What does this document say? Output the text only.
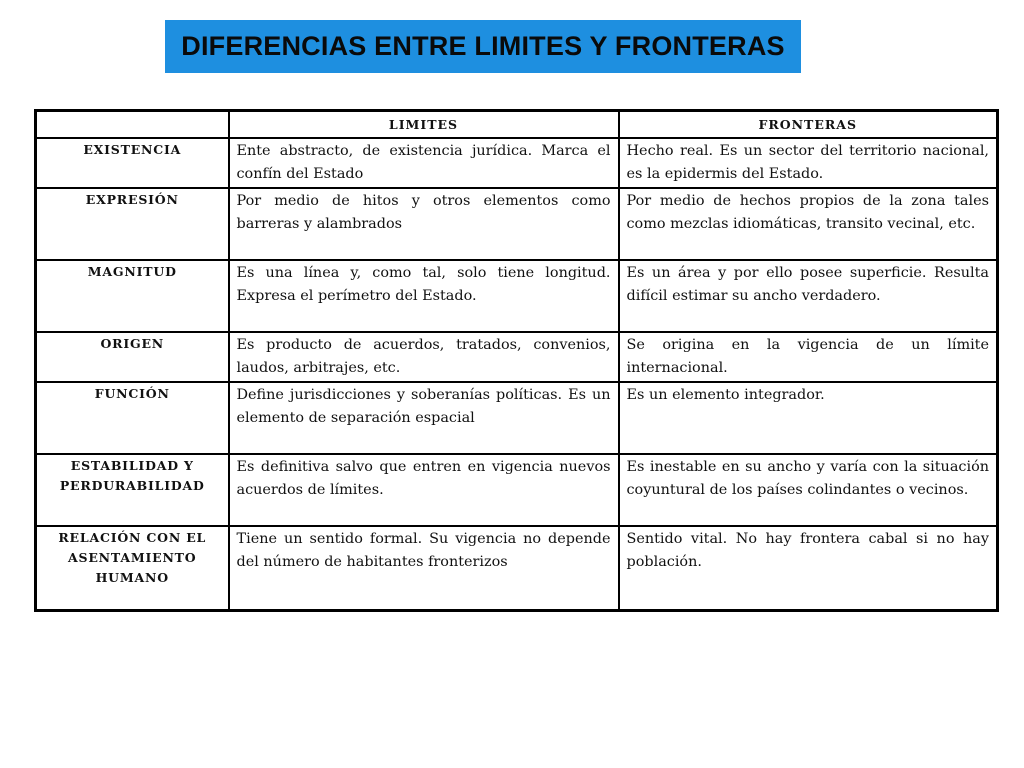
DIFERENCIAS ENTRE LIMITES Y FRONTERAS
	LIMITES	FRONTERAS
EXISTENCIA	Ente abstracto, de existencia jurídica. Marca el confín del Estado	Hecho real. Es un sector del territorio nacional, es la epidermis del Estado.
EXPRESIÓN	Por medio de hitos y otros elementos como barreras y alambrados	Por medio de hechos propios de la zona tales como mezclas idiomáticas, transito vecinal, etc.
MAGNITUD	Es una línea y, como tal, solo tiene longitud. Expresa el perímetro del Estado.	Es un área y por ello posee superficie. Resulta difícil estimar su ancho verdadero.
ORIGEN	Es producto de acuerdos, tratados, convenios, laudos, arbitrajes, etc.	Se origina en la vigencia de un límite internacional.
FUNCIÓN	Define jurisdicciones y soberanías políticas. Es un elemento de separación espacial	Es un elemento integrador.
ESTABILIDAD Y PERDURABILIDAD	Es definitiva salvo que entren en vigencia nuevos acuerdos de límites.	Es inestable en su ancho y varía con la situación coyuntural de los países colindantes o vecinos.
RELACIÓN CON EL ASENTAMIENTO HUMANO	Tiene un sentido formal. Su vigencia no depende del número de habitantes fronterizos	Sentido vital. No hay frontera cabal si no hay población.
